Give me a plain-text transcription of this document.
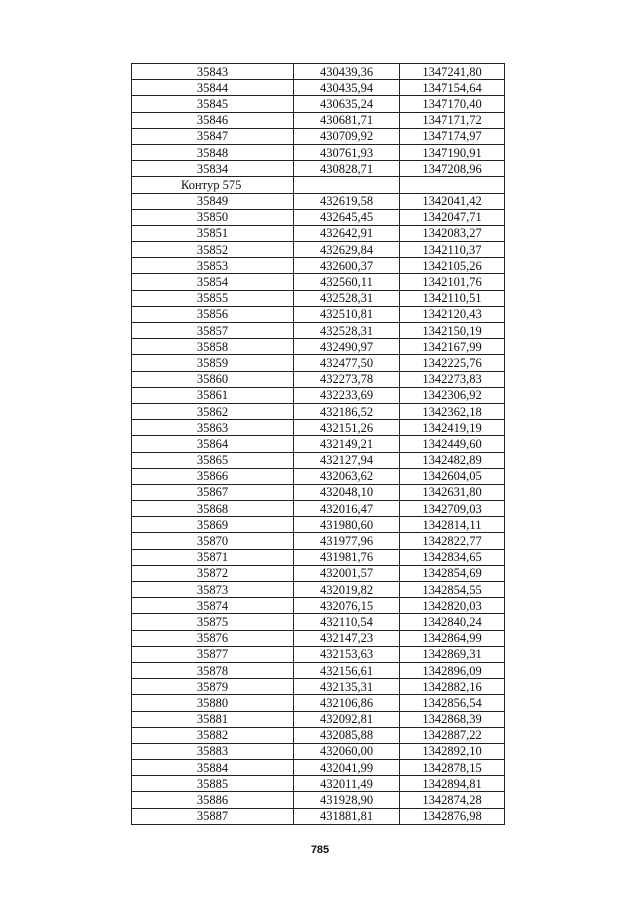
35843	430439,36	1347241,80
35844	430435,94	1347154,64
35845	430635,24	1347170,40
35846	430681,71	1347171,72
35847	430709,92	1347174,97
35848	430761,93	1347190,91
35834	430828,71	1347208,96
Контур 575		
35849	432619,58	1342041,42
35850	432645,45	1342047,71
35851	432642,91	1342083,27
35852	432629,84	1342110,37
35853	432600,37	1342105,26
35854	432560,11	1342101,76
35855	432528,31	1342110,51
35856	432510,81	1342120,43
35857	432528,31	1342150,19
35858	432490,97	1342167,99
35859	432477,50	1342225,76
35860	432273,78	1342273,83
35861	432233,69	1342306,92
35862	432186,52	1342362,18
35863	432151,26	1342419,19
35864	432149,21	1342449,60
35865	432127,94	1342482,89
35866	432063,62	1342604,05
35867	432048,10	1342631,80
35868	432016,47	1342709,03
35869	431980,60	1342814,11
35870	431977,96	1342822,77
35871	431981,76	1342834,65
35872	432001,57	1342854,69
35873	432019,82	1342854,55
35874	432076,15	1342820,03
35875	432110,54	1342840,24
35876	432147,23	1342864,99
35877	432153,63	1342869,31
35878	432156,61	1342896,09
35879	432135,31	1342882,16
35880	432106,86	1342856,54
35881	432092,81	1342868,39
35882	432085,88	1342887,22
35883	432060,00	1342892,10
35884	432041,99	1342878,15
35885	432011,49	1342894,81
35886	431928,90	1342874,28
35887	431881,81	1342876,98
785
